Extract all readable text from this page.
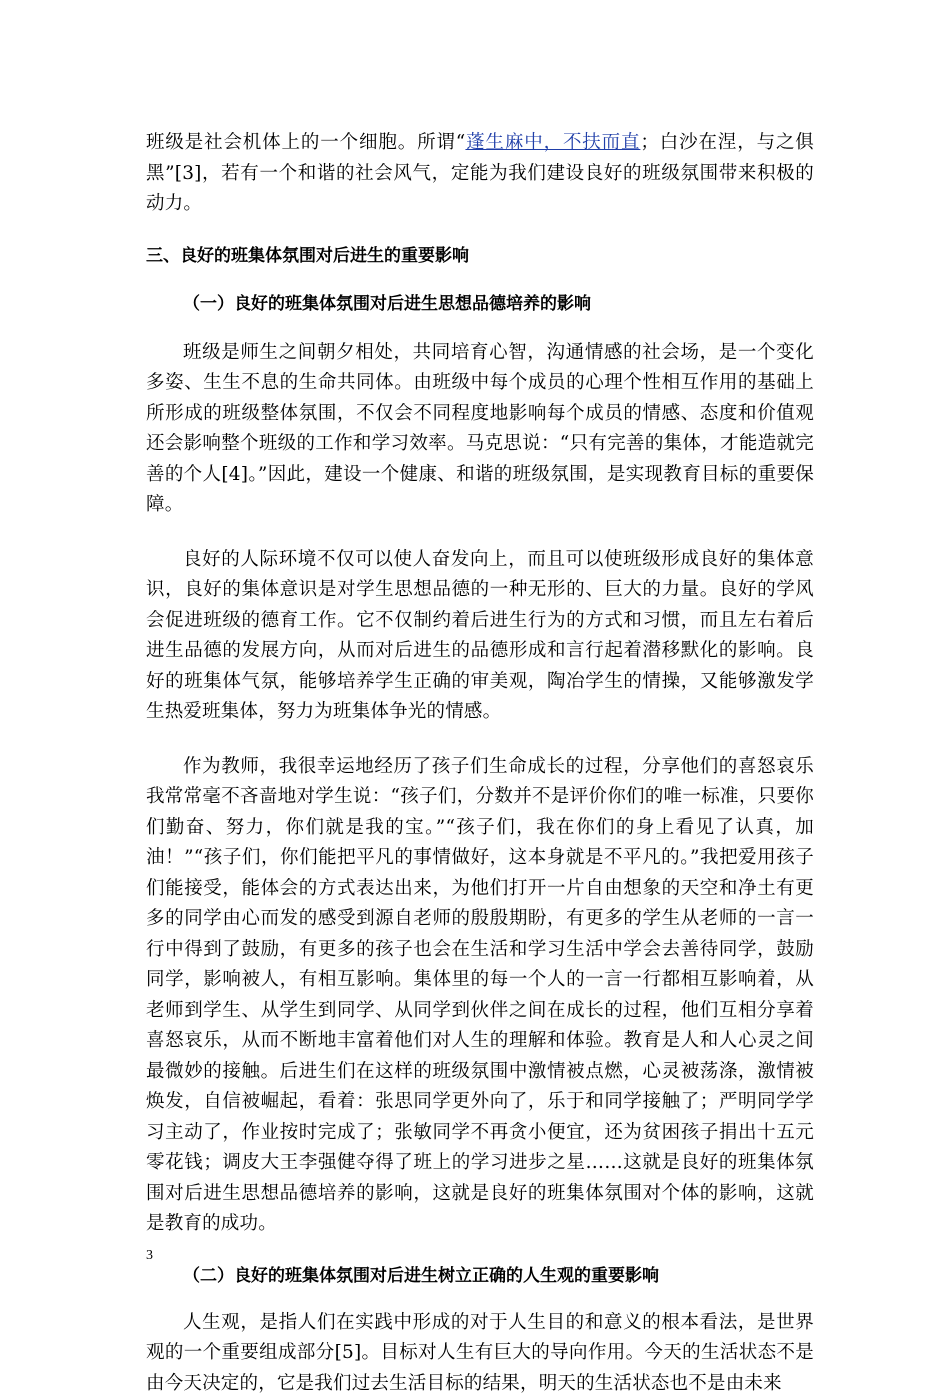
班级是社会机体上的一个细胞。所谓“蓬生麻中，不扶而直；白沙在涅，与之俱黑”[3]，若有一个和谐的社会风气，定能为我们建设良好的班级氛围带来积极的动力。

三、良好的班集体氛围对后进生的重要影响

（一）良好的班集体氛围对后进生思想品德培养的影响

班级是师生之间朝夕相处，共同培育心智，沟通情感的社会场，是一个变化多姿、生生不息的生命共同体。由班级中每个成员的心理个性相互作用的基础上所形成的班级整体氛围，不仅会不同程度地影响每个成员的情感、态度和价值观还会影响整个班级的工作和学习效率。马克思说：“只有完善的集体，才能造就完善的个人[4]。”因此，建设一个健康、和谐的班级氛围，是实现教育目标的重要保障。

良好的人际环境不仅可以使人奋发向上，而且可以使班级形成良好的集体意识，良好的集体意识是对学生思想品德的一种无形的、巨大的力量。良好的学风会促进班级的德育工作。它不仅制约着后进生行为的方式和习惯，而且左右着后进生品德的发展方向，从而对后进生的品德形成和言行起着潜移默化的影响。良好的班集体气氛，能够培养学生正确的审美观，陶冶学生的情操，又能够激发学生热爱班集体，努力为班集体争光的情感。

作为教师，我很幸运地经历了孩子们生命成长的过程，分享他们的喜怒哀乐我常常毫不吝啬地对学生说：“孩子们，分数并不是评价你们的唯一标准，只要你们勤奋、努力，你们就是我的宝。”“孩子们，我在你们的身上看见了认真，加油！”“孩子们，你们能把平凡的事情做好，这本身就是不平凡的。”我把爱用孩子们能接受，能体会的方式表达出来，为他们打开一片自由想象的天空和净土有更多的同学由心而发的感受到源自老师的殷殷期盼，有更多的学生从老师的一言一行中得到了鼓励，有更多的孩子也会在生活和学习生活中学会去善待同学，鼓励同学，影响被人，有相互影响。集体里的每一个人的一言一行都相互影响着，从老师到学生、从学生到同学、从同学到伙伴之间在成长的过程，他们互相分享着喜怒哀乐，从而不断地丰富着他们对人生的理解和体验。教育是人和人心灵之间最微妙的接触。后进生们在这样的班级氛围中激情被点燃，心灵被荡涤，激情被焕发，自信被崛起，看着：张思同学更外向了，乐于和同学接触了；严明同学学习主动了，作业按时完成了；张敏同学不再贪小便宜，还为贫困孩子捐出十五元零花钱；调皮大王李强健夺得了班上的学习进步之星……这就是良好的班集体氛围对后进生思想品德培养的影响，这就是良好的班集体氛围对个体的影响，这就是教育的成功。

（二）良好的班集体氛围对后进生树立正确的人生观的重要影响

人生观，是指人们在实践中形成的对于人生目的和意义的根本看法，是世界观的一个重要组成部分[5]。目标对人生有巨大的导向作用。今天的生活状态不是由今天决定的，它是我们过去生活目标的结果，明天的生活状态也不是由未来

3
